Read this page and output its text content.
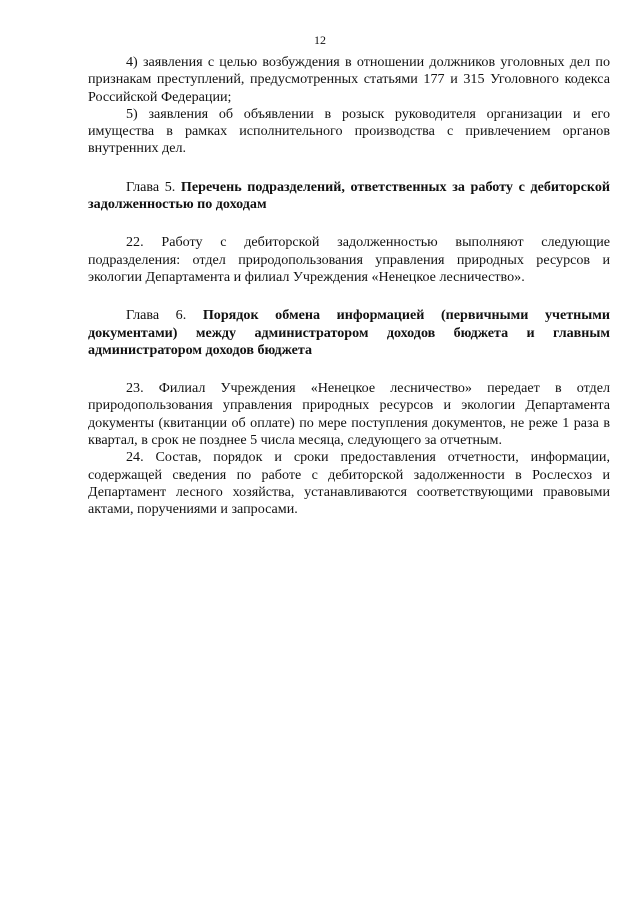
12

4) заявления с целью возбуждения в отношении должников уголовных дел по признакам преступлений, предусмотренных статьями 177 и 315 Уголовного кодекса Российской Федерации;

5) заявления об объявлении в розыск руководителя организации и его имущества в рамках исполнительного производства с привлечением органов внутренних дел.

Глава 5. Перечень подразделений, ответственных за работу с дебиторской задолженностью по доходам

22. Работу с дебиторской задолженностью выполняют следующие подразделения: отдел природопользования управления природных ресурсов и экологии Департамента и филиал Учреждения «Ненецкое лесничество».

Глава 6. Порядок обмена информацией (первичными учетными документами) между администратором доходов бюджета и главным администратором доходов бюджета

23. Филиал Учреждения «Ненецкое лесничество» передает в отдел природопользования управления природных ресурсов и экологии Департамента документы (квитанции об оплате) по мере поступления документов, не реже 1 раза в квартал, в срок не позднее 5 числа месяца, следующего за отчетным.

24. Состав, порядок и сроки предоставления отчетности, информации, содержащей сведения по работе с дебиторской задолженности в Рослесхоз и Департамент лесного хозяйства, устанавливаются соответствующими правовыми актами, поручениями и запросами.
